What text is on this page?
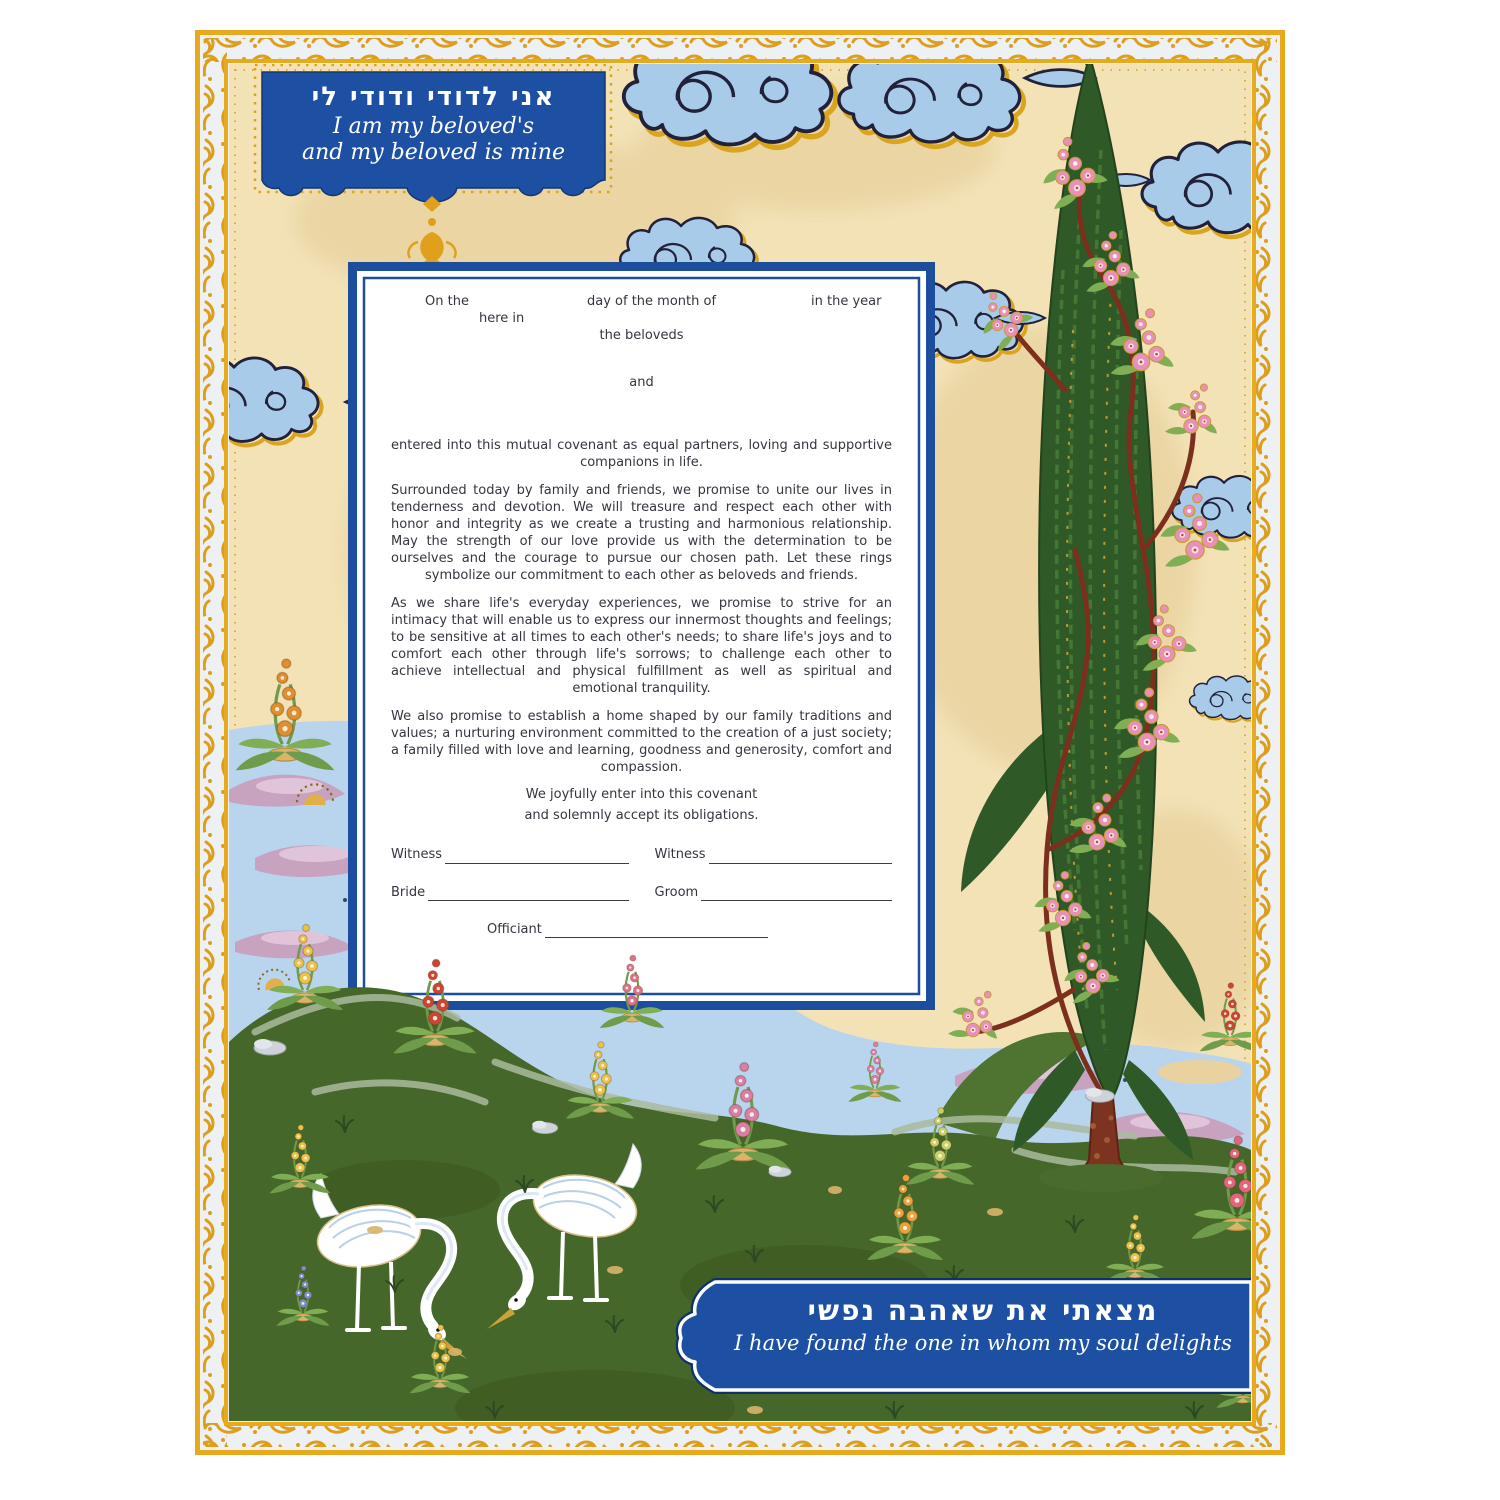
אני לדודי ודודי לי
I am my beloved's
and my beloved is mine
On the	day of the month of	in the year
here in
the beloveds
and

entered into this mutual covenant as equal partners, loving and supportive companions in life.

Surrounded today by family and friends, we promise to unite our lives in tenderness and devotion. We will treasure and respect each other with honor and integrity as we create a trusting and harmonious relationship. May the strength of our love provide us with the determination to be ourselves and the courage to pursue our chosen path. Let these rings symbolize our commitment to each other as beloveds and friends.

As we share life's everyday experiences, we promise to strive for an intimacy that will enable us to express our innermost thoughts and feelings; to be sensitive at all times to each other's needs; to share life's joys and to comfort each other through life's sorrows; to challenge each other to achieve intellectual and physical fulfillment as well as spiritual and emotional tranquility.

We also promise to establish a home shaped by our family traditions and values; a nurturing environment committed to the creation of a just society; a family filled with love and learning, goodness and generosity, comfort and compassion.

We joyfully enter into this covenant
and solemnly accept its obligations.
Witness	Witness
Bride	Groom
Officiant
מצאתי את שאהבה נפשי
I have found the one in whom my soul delights
